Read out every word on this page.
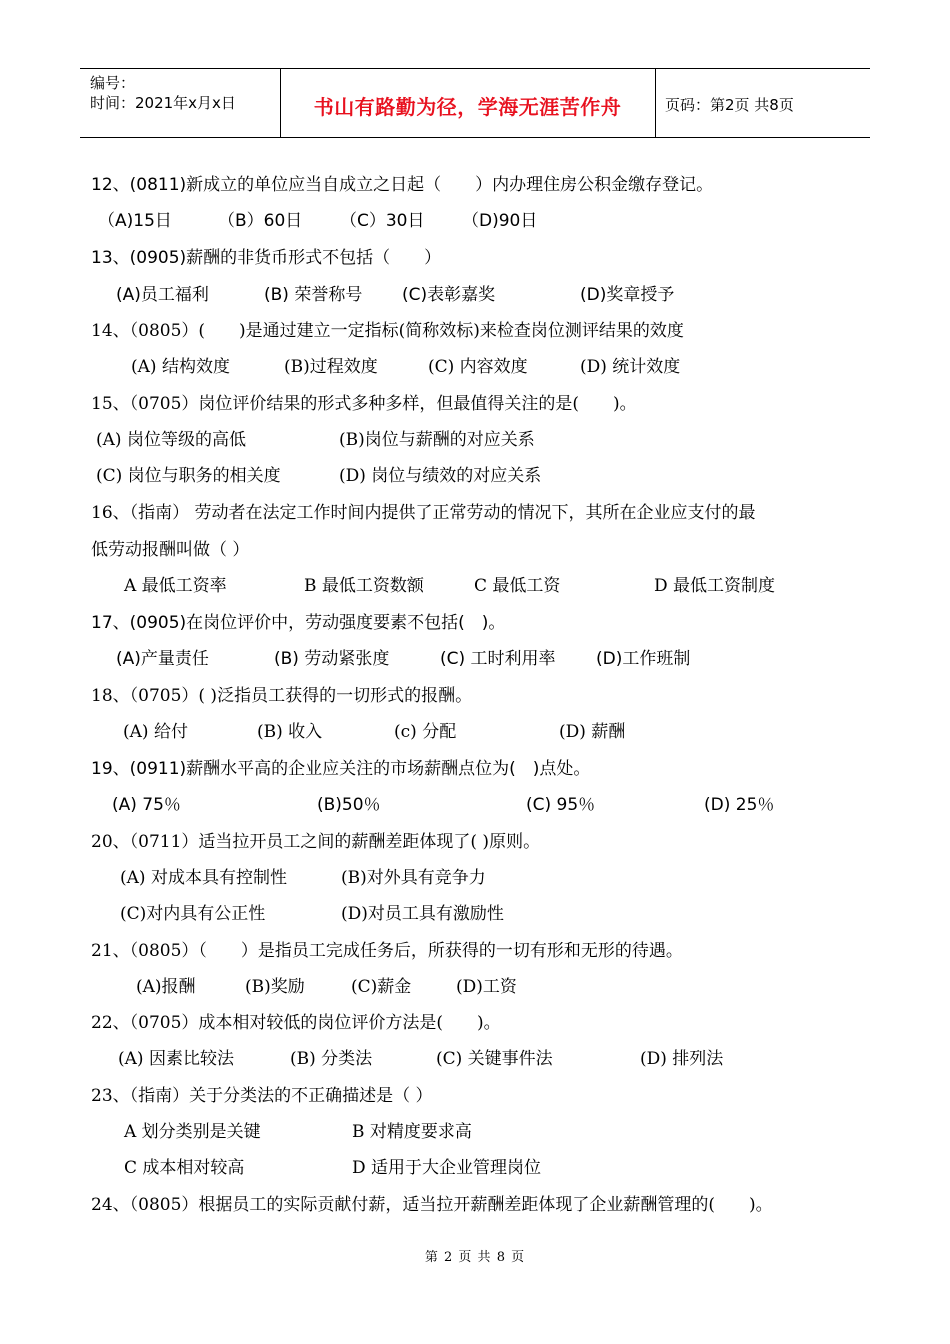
编号：
时间：2021年x月x日	书山有路勤为径，学海无涯苦作舟	页码：第2页 共8页
12、(0811)新成立的单位应当自成立之日起（　　）内办理住房公积金缴存登记。
（A)15日	（B）60日 （C）30日 （D)90日
13、(0905)薪酬的非货币形式不包括（　　）
(A)员工福利	(B) 荣誉称号 (C)表彰嘉奖	(D)奖章授予
14、（0805）(　　)是通过建立一定指标(简称效标)来检查岗位测评结果的效度
(A) 结构效度	(B)过程效度	(C) 内容效度	(D) 统计效度
15、（0705）岗位评价结果的形式多种多样，但最值得关注的是(　　)。
(A) 岗位等级的高低	(B)岗位与薪酬的对应关系
(C) 岗位与职务的相关度	(D) 岗位与绩效的对应关系
16、（指南） 劳动者在法定工作时间内提供了正常劳动的情况下，其所在企业应支付的最
低劳动报酬叫做（ ）
A 最低工资率	B 最低工资数额	C 最低工资	D 最低工资制度
17、(0905)在岗位评价中，劳动强度要素不包括(　)。
(A)产量责任	(B) 劳动紧张度	(C) 工时利用率 (D)工作班制
18、（0705）( )泛指员工获得的一切形式的报酬。
(A) 给付	(B) 收入	(c) 分配	(D) 薪酬
19、(0911)薪酬水平高的企业应关注的市场薪酬点位为(　)点处。
(A) 75％	(B)50％	(C) 95％	(D) 25％
20、（0711）适当拉开员工之间的薪酬差距体现了( )原则。
(A) 对成本具有控制性	(B)对外具有竞争力
(C)对内具有公正性	(D)对员工具有激励性
21、（0805）（　　）是指员工完成任务后，所获得的一切有形和无形的待遇。
(A)报酬	(B)奖励	(C)薪金	(D)工资
22、（0705）成本相对较低的岗位评价方法是(　　)。
(A) 因素比较法	(B) 分类法	(C) 关键事件法	(D) 排列法
23、（指南）关于分类法的不正确描述是（ ）
A 划分类别是关键	B 对精度要求高
C 成本相对较高	D 适用于大企业管理岗位
24、（0805）根据员工的实际贡献付薪，适当拉开薪酬差距体现了企业薪酬管理的(　　)。
第 2 页 共 8 页
